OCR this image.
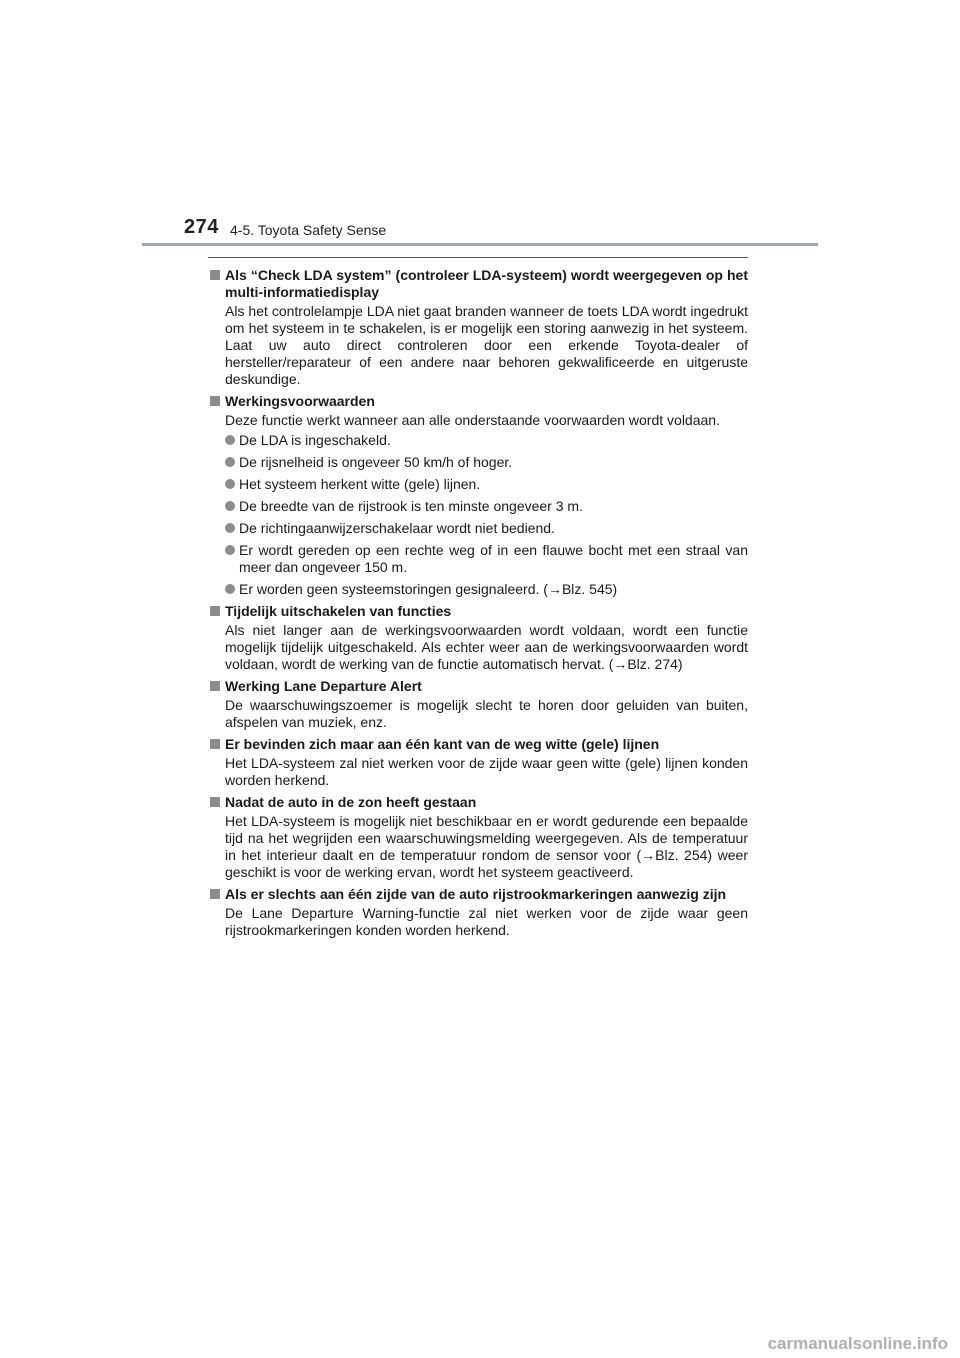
274 4-5. Toyota Safety Sense
Als “Check LDA system” (controleer LDA-systeem) wordt weergegeven op het multi-informatiedisplay
Als het controlelampje LDA niet gaat branden wanneer de toets LDA wordt ingedrukt om het systeem in te schakelen, is er mogelijk een storing aanwezig in het systeem. Laat uw auto direct controleren door een erkende Toyota-dealer of hersteller/reparateur of een andere naar behoren gekwalificeerde en uitgeruste deskundige.
Werkingsvoorwaarden
Deze functie werkt wanneer aan alle onderstaande voorwaarden wordt voldaan.
De LDA is ingeschakeld.
De rijsnelheid is ongeveer 50 km/h of hoger.
Het systeem herkent witte (gele) lijnen.
De breedte van de rijstrook is ten minste ongeveer 3 m.
De richtingaanwijzerschakelaar wordt niet bediend.
Er wordt gereden op een rechte weg of in een flauwe bocht met een straal van meer dan ongeveer 150 m.
Er worden geen systeemstoringen gesignaleerd. (→Blz. 545)
Tijdelijk uitschakelen van functies
Als niet langer aan de werkingsvoorwaarden wordt voldaan, wordt een functie mogelijk tijdelijk uitgeschakeld. Als echter weer aan de werkingsvoorwaarden wordt voldaan, wordt de werking van de functie automatisch hervat. (→Blz. 274)
Werking Lane Departure Alert
De waarschuwingszoemer is mogelijk slecht te horen door geluiden van buiten, afspelen van muziek, enz.
Er bevinden zich maar aan één kant van de weg witte (gele) lijnen
Het LDA-systeem zal niet werken voor de zijde waar geen witte (gele) lijnen konden worden herkend.
Nadat de auto in de zon heeft gestaan
Het LDA-systeem is mogelijk niet beschikbaar en er wordt gedurende een bepaalde tijd na het wegrijden een waarschuwingsmelding weergegeven. Als de temperatuur in het interieur daalt en de temperatuur rondom de sensor voor (→Blz. 254) weer geschikt is voor de werking ervan, wordt het systeem geactiveerd.
Als er slechts aan één zijde van de auto rijstrookmarkeringen aanwezig zijn
De Lane Departure Warning-functie zal niet werken voor de zijde waar geen rijstrookmarkeringen konden worden herkend.
carmanualsonline.info
